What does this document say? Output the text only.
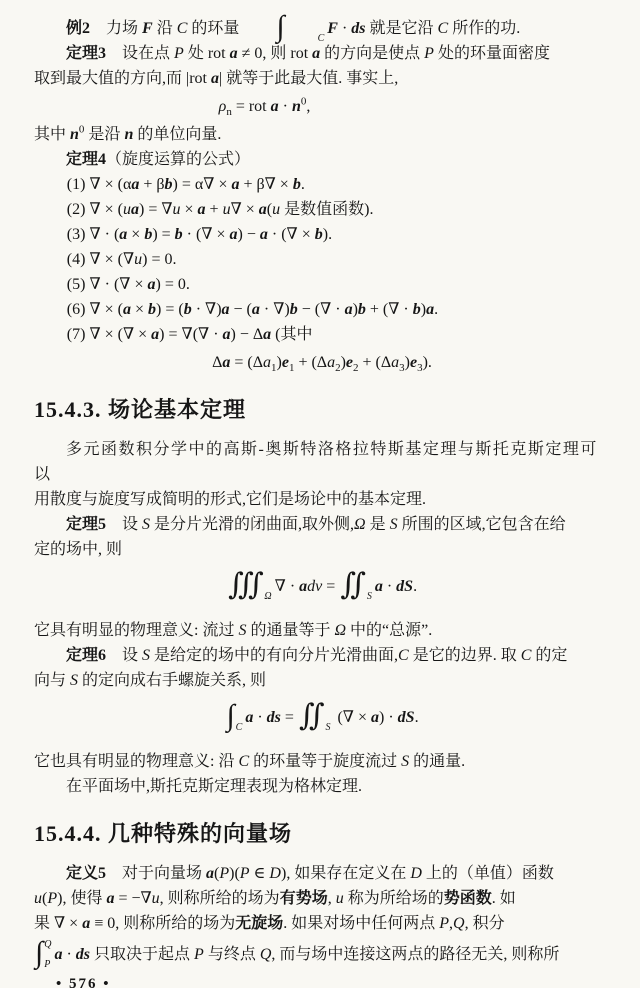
例2 力场 F 沿 C 的环量	∫	C
F · ds 就是它沿 C 所作的功.
定理3 设在点 P 处 rot a ≠ 0, 则 rot a 的方向是使点 P 处的环量面密度
取到最大值的方向,而 |rot a| 就等于此最大值. 事实上,
$\rho_n$ = rot $a \cdot n^0$,
其中 $n^0$ 是沿 n 的单位向量.
定理4（旋度运算的公式）
(1) ∇ × (αa + βb) = α∇ × a + β∇ × b.
(2) ∇ × (ua) = ∇u × a + u∇ × a(u 是数值函数).
(3) ∇ · (a × b) = b · (∇ × a) − a · (∇ × b).
(4) ∇ × (∇u) = 0.
(5) ∇ · (∇ × a) = 0.
(6) ∇ × (a × b) = (b · ∇)a − (a · ∇)b − (∇ · a)b + (∇ · b)a.
(7) ∇ × (∇ × a) = ∇(∇ · a) − Δa (其中
$\Delta a = (\Delta a_1)e_1 + (\Delta a_2)e_2 + (\Delta a_3)e_3$).
15.4.3. 场论基本定理
多元函数积分学中的高斯-奥斯特洛格拉特斯基定理与斯托克斯定理可以
用散度与旋度写成简明的形式,它们是场论中的基本定理.
定理5 设 S 是分片光滑的闭曲面,取外侧,Ω 是 S 所围的区域,它包含在给
定的场中, 则
∭ Ω
∇ · adv = ∬ S
a · dS.
它具有明显的物理意义: 流过 S 的通量等于 Ω 中的“总源”.
定理6 设 S 是给定的场中的有向分片光滑曲面,C 是它的边界. 取 C 的定
向与 S 的定向成右手螺旋关系, 则
∫ C
a · ds = ∬ S
(∇ × a) · dS.
它也具有明显的物理意义: 沿 C 的环量等于旋度流过 S 的通量.
在平面场中,斯托克斯定理表现为格林定理.
15.4.4. 几种特殊的向量场
定义5 对于向量场 a(P)(P ∈ D), 如果存在定义在 D 上的（单值）函数
u(P), 使得 a = −∇u, 则称所给的场为有势场, u 称为所给场的势函数. 如
果 ∇ × a ≡ 0, 则称所给的场为无旋场. 如果对场中任何两点 P,Q, 积分
∫ Q
P
a · ds 只取决于起点 P 与终点 Q, 而与场中连接这两点的路径无关, 则称所
• 576 •
